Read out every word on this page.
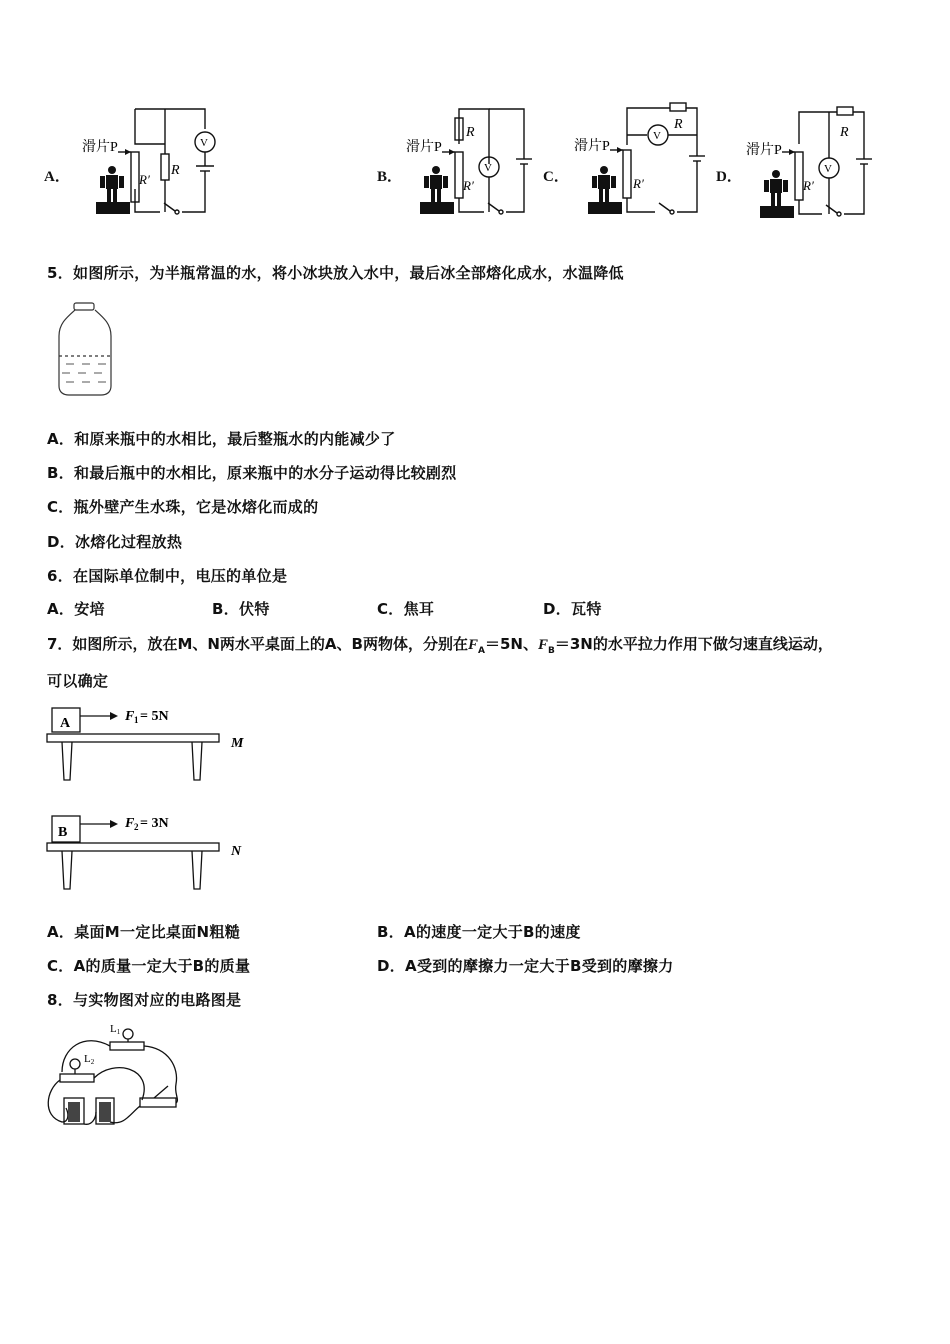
A．
滑片P
R
R′
V
B．
滑片P
R
R′
V
C．
滑片P
R
R′
V
D．
滑片P
R
R′
V
5．如图所示，为半瓶常温的水，将小冰块放入水中，最后冰全部熔化成水，水温降低
A．和原来瓶中的水相比，最后整瓶水的内能减少了
B．和最后瓶中的水相比，原来瓶中的水分子运动得比较剧烈
C．瓶外壁产生水珠，它是冰熔化而成的
D．冰熔化过程放热
6．在国际单位制中，电压的单位是
A．安培	B．伏特	C．焦耳	D．瓦特
7．如图所示，放在M、N两水平桌面上的A、B两物体，分别在$F_A=5N$、$F_B=3N$的水平拉力作用下做匀速直线运动，
可以确定
A	F 1 = 5N
M
B
F 2 = 3N
N
A．桌面M一定比桌面N粗糙	B．A的速度一定大于B的速度
C．A的质量一定大于B的质量	D．A受到的摩擦力一定大于B受到的摩擦力
8．与实物图对应的电路图是
L1
L2
